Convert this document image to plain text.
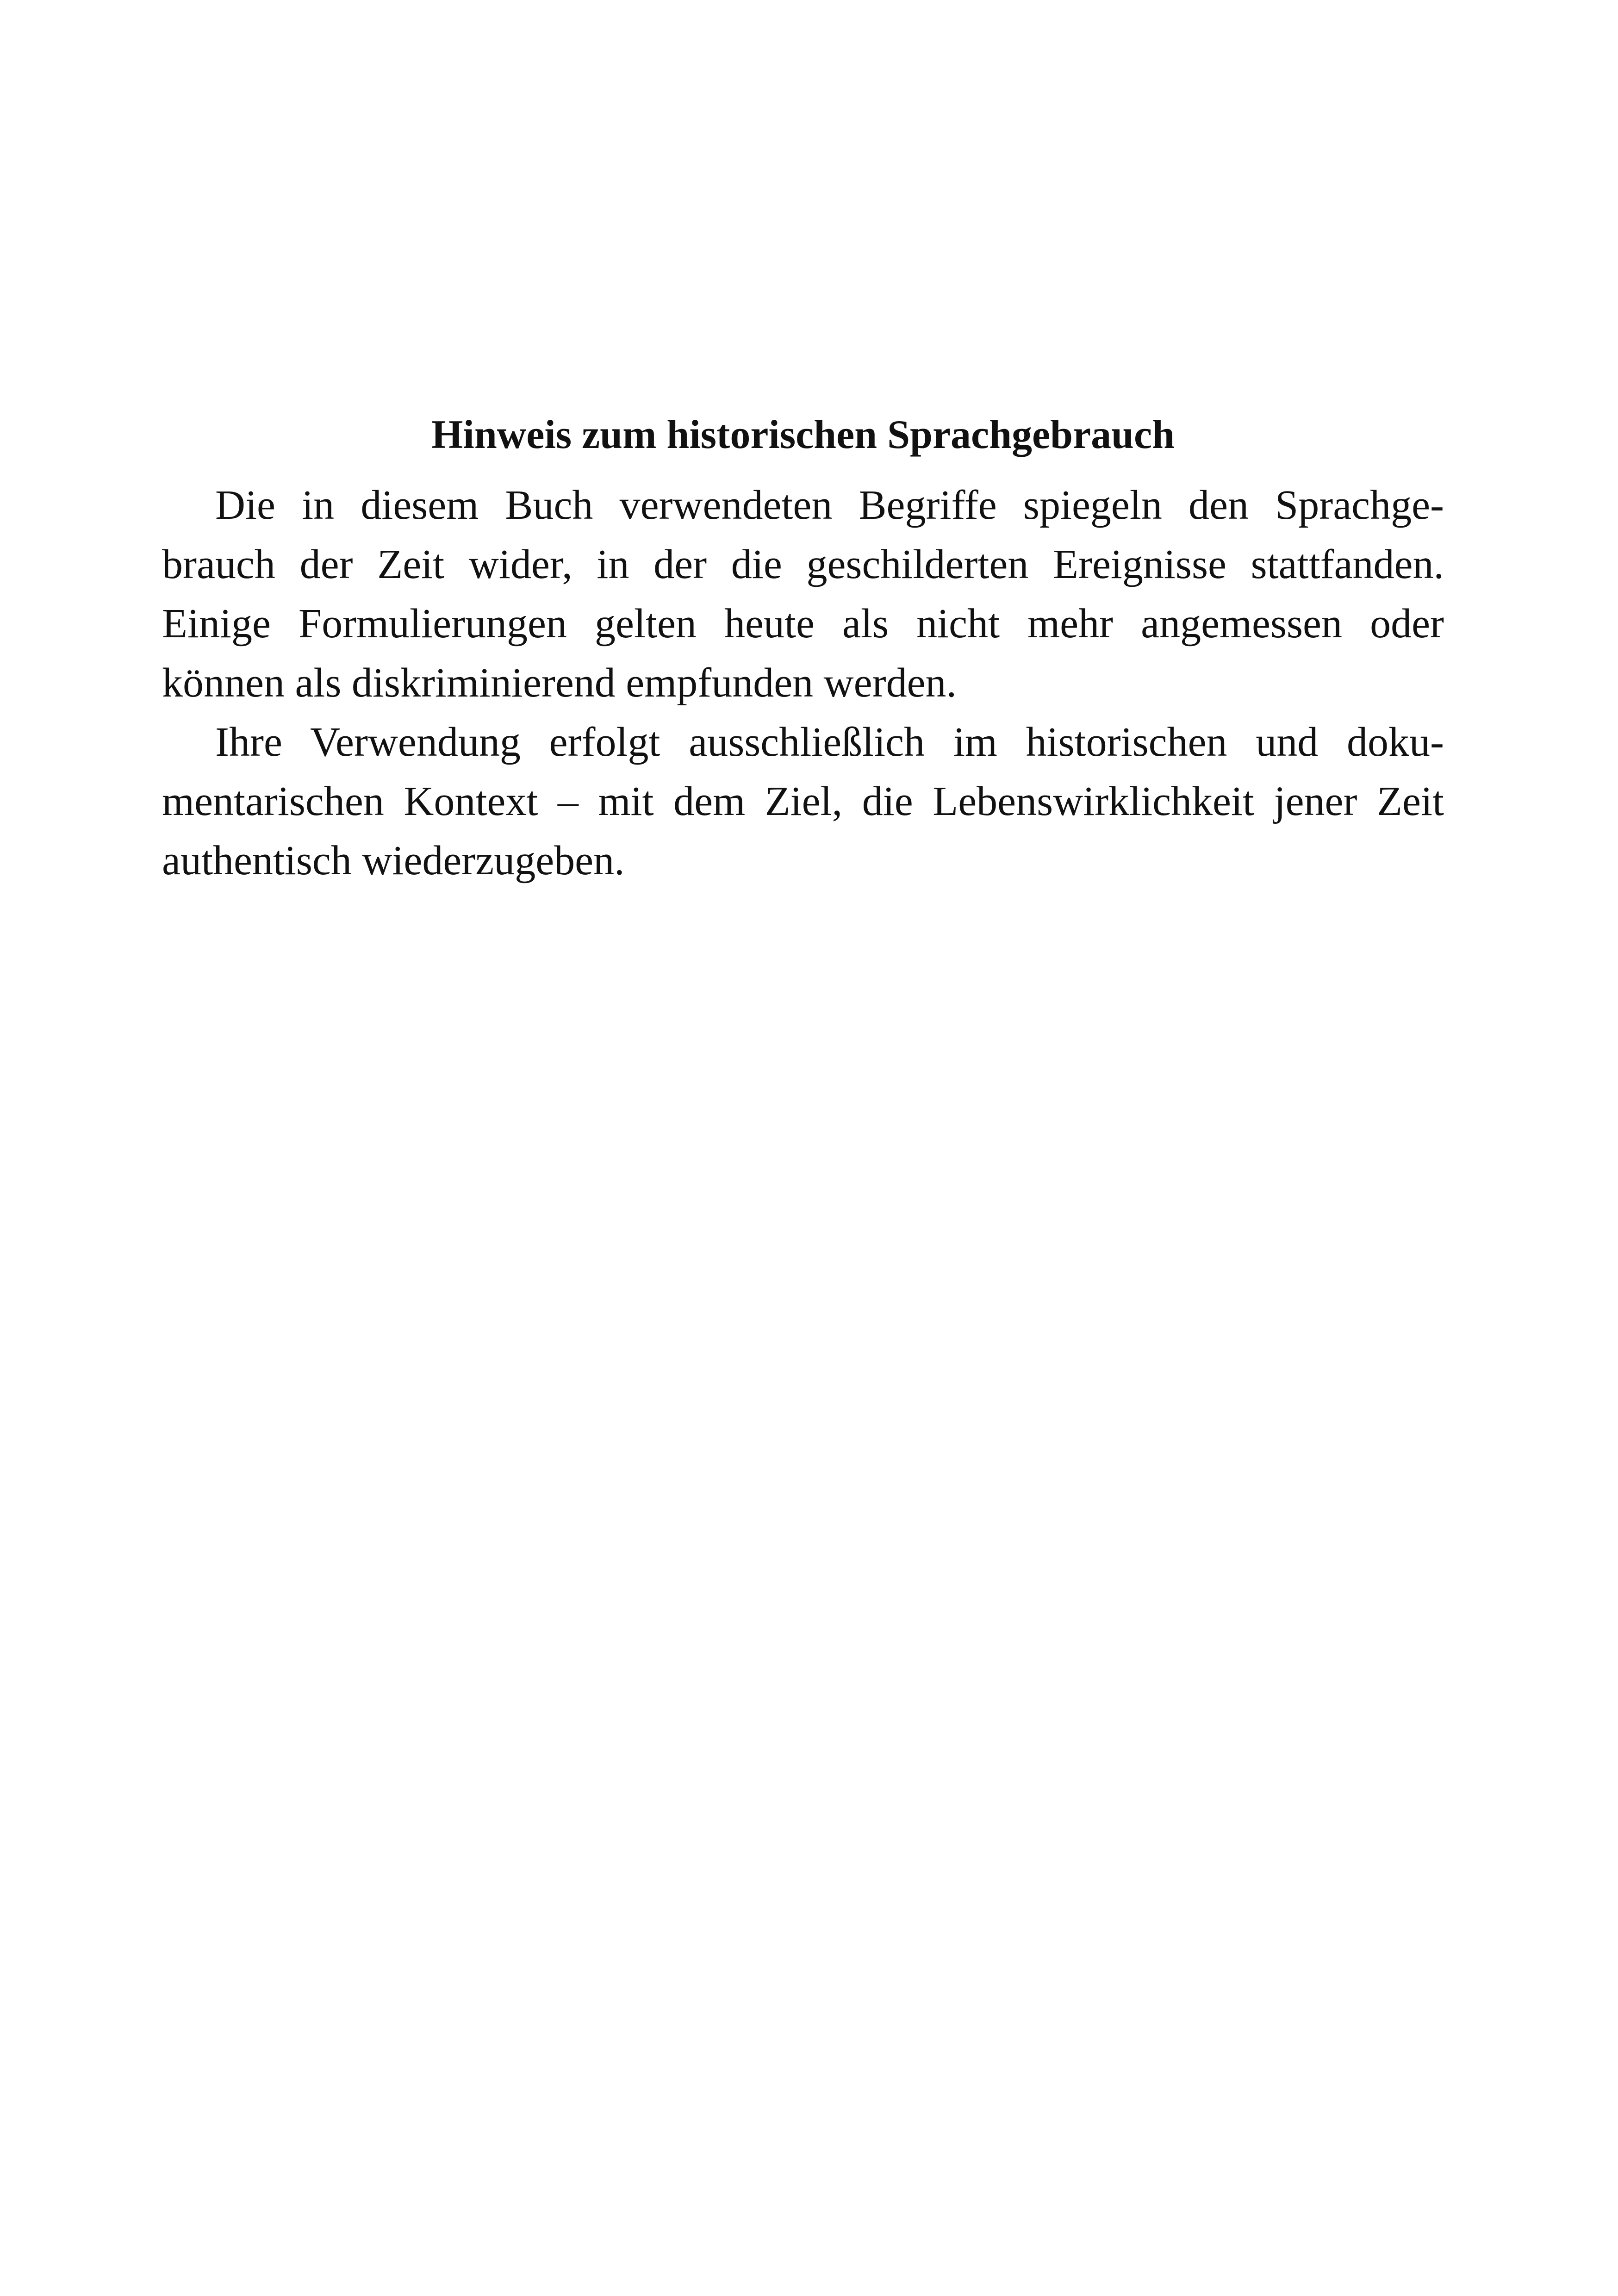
Hinweis zum historischen Sprachgebrauch

Die in diesem Buch verwendeten Begriffe spiegeln den Sprachge-
brauch der Zeit wider, in der die geschilderten Ereignisse stattfanden.
Einige Formulierungen gelten heute als nicht mehr angemessen oder
können als diskriminierend empfunden werden.

Ihre Verwendung erfolgt ausschließlich im historischen und doku-
mentarischen Kontext – mit dem Ziel, die Lebenswirklichkeit jener Zeit
authentisch wiederzugeben.
